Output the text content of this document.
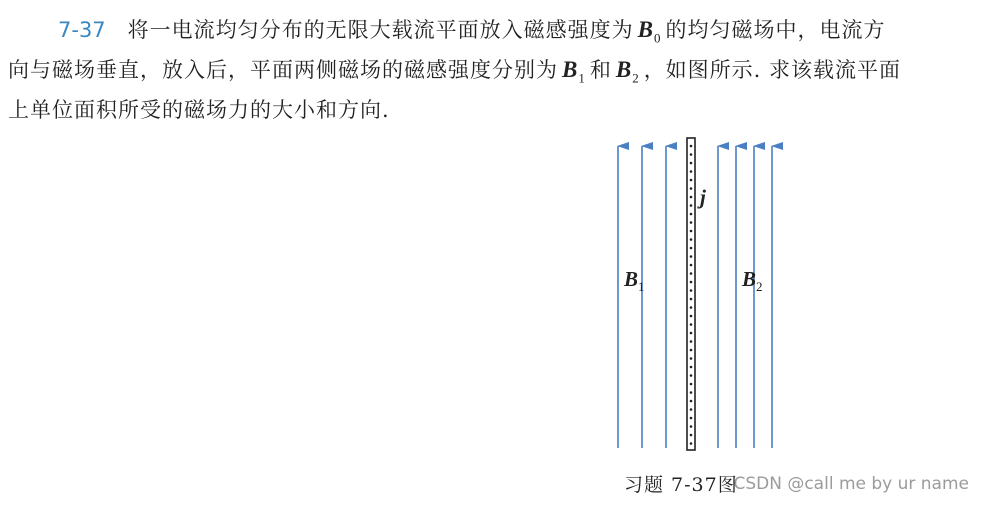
7-37 将一电流均匀分布的无限大载流平面放入磁感强度为 $B_0$ 的均匀磁场中，电流方
向与磁场垂直，放入后，平面两侧磁场的磁感强度分别为 $B_1$ 和 $B_2$ ，如图所示. 求该载流平面
上单位面积所受的磁场力的大小和方向.
j
$B_1$	$B_2$
习题 7-37图
CSDN @call me by ur name
